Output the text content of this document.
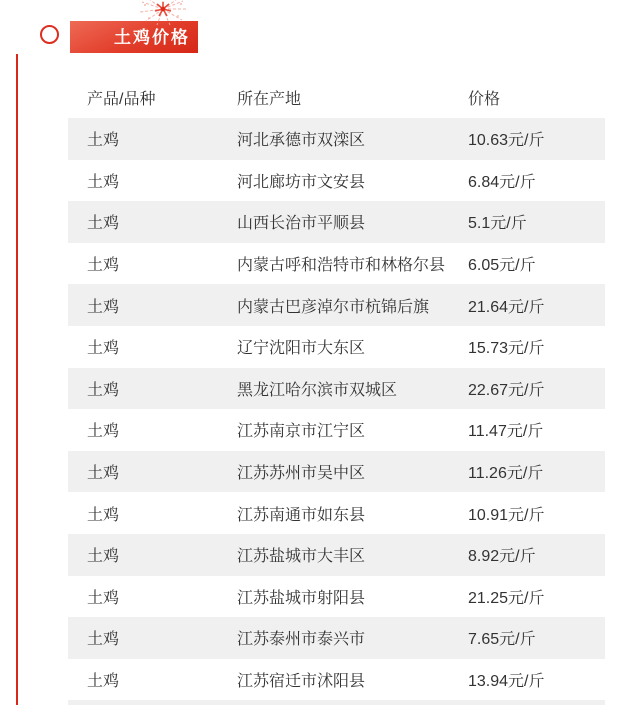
土鸡价格
产品/品种	所在产地	价格
土鸡	河北承德市双滦区	10.63元/斤
土鸡	河北廊坊市文安县	6.84元/斤
土鸡	山西长治市平顺县	5.1元/斤
土鸡	内蒙古呼和浩特市和林格尔县	6.05元/斤
土鸡	内蒙古巴彦淖尔市杭锦后旗	21.64元/斤
土鸡	辽宁沈阳市大东区	15.73元/斤
土鸡	黑龙江哈尔滨市双城区	22.67元/斤
土鸡	江苏南京市江宁区	11.47元/斤
土鸡	江苏苏州市吴中区	11.26元/斤
土鸡	江苏南通市如东县	10.91元/斤
土鸡	江苏盐城市大丰区	8.92元/斤
土鸡	江苏盐城市射阳县	21.25元/斤
土鸡	江苏泰州市泰兴市	7.65元/斤
土鸡	江苏宿迁市沭阳县	13.94元/斤
